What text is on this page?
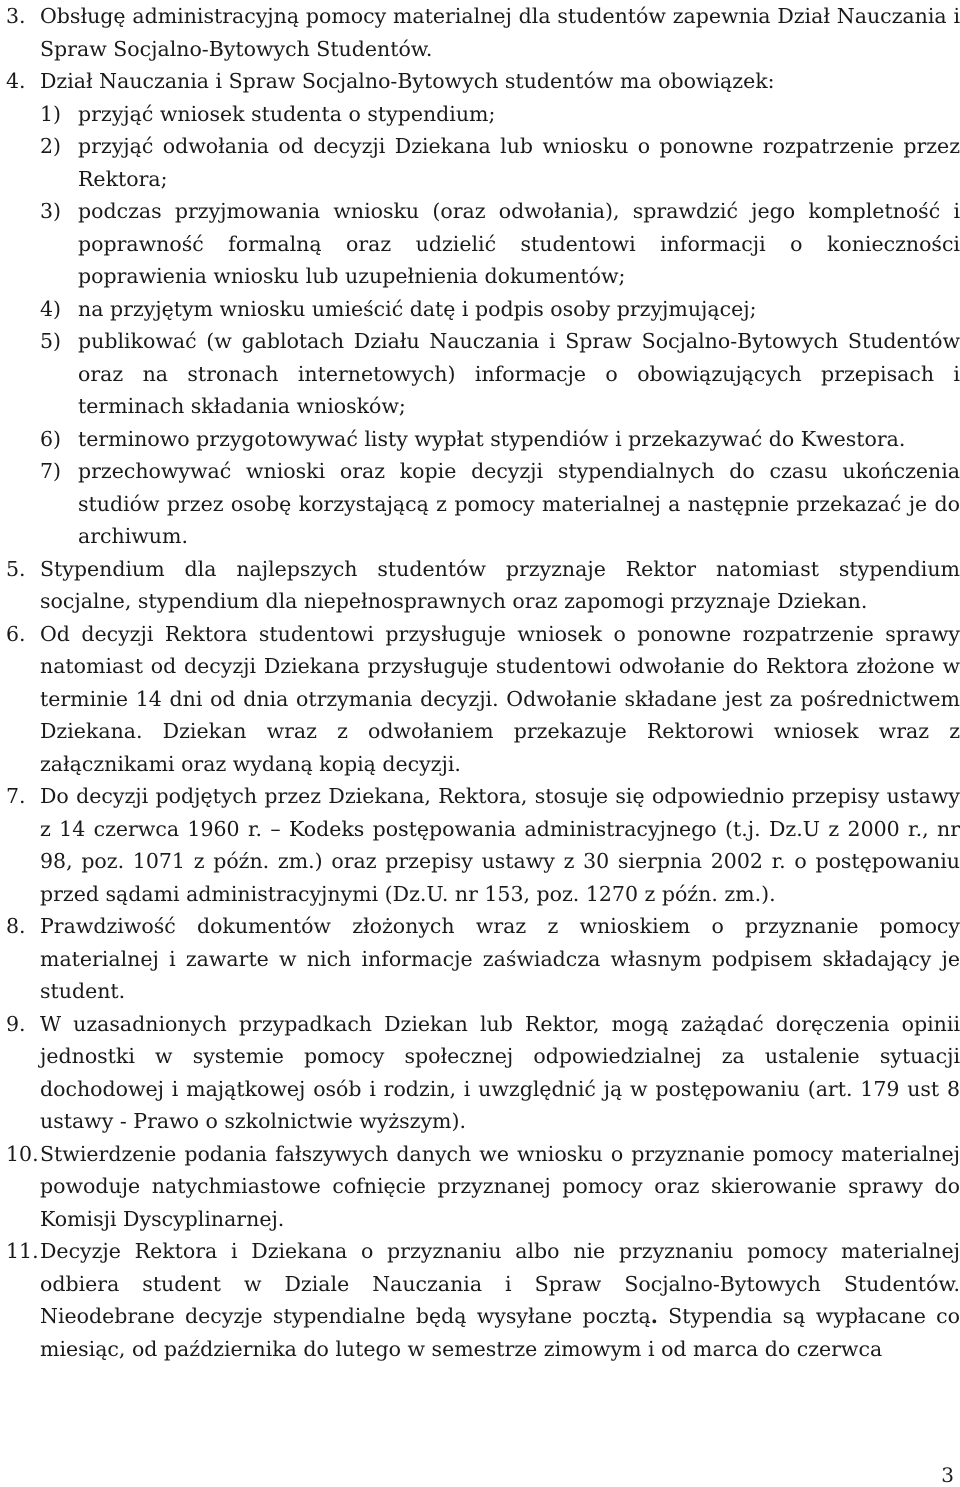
3. Obsługę administracyjną pomocy materialnej dla studentów zapewnia Dział Nauczania i Spraw Socjalno-Bytowych Studentów.
4. Dział Nauczania i Spraw Socjalno-Bytowych studentów ma obowiązek:
1) przyjąć wniosek studenta o stypendium;
2) przyjąć odwołania od decyzji Dziekana lub wniosku o ponowne rozpatrzenie przez Rektora;
3) podczas przyjmowania wniosku (oraz odwołania), sprawdzić jego kompletność i poprawność formalną oraz udzielić studentowi informacji o konieczności poprawienia wniosku lub uzupełnienia dokumentów;
4) na przyjętym wniosku umieścić datę i podpis osoby przyjmującej;
5) publikować (w gablotach Działu Nauczania i Spraw Socjalno-Bytowych Studentów oraz na stronach internetowych) informacje o obowiązujących przepisach i terminach składania wniosków;
6) terminowo przygotowywać listy wypłat stypendiów i przekazywać do Kwestora.
7) przechowywać wnioski oraz kopie decyzji stypendialnych do czasu ukończenia studiów przez osobę korzystającą z pomocy materialnej a następnie przekazać je do archiwum.
5. Stypendium dla najlepszych studentów przyznaje Rektor natomiast stypendium socjalne, stypendium dla niepełnosprawnych oraz zapomogi przyznaje Dziekan.
6. Od decyzji Rektora studentowi przysługuje wniosek o ponowne rozpatrzenie sprawy natomiast od decyzji Dziekana przysługuje studentowi odwołanie do Rektora złożone w terminie 14 dni od dnia otrzymania decyzji. Odwołanie składane jest za pośrednictwem Dziekana. Dziekan wraz z odwołaniem przekazuje Rektorowi wniosek wraz z załącznikami oraz wydaną kopią decyzji.
7. Do decyzji podjętych przez Dziekana, Rektora, stosuje się odpowiednio przepisy ustawy z 14 czerwca 1960 r. – Kodeks postępowania administracyjnego (t.j. Dz.U z 2000 r., nr 98, poz. 1071 z późn. zm.) oraz przepisy ustawy z 30 sierpnia 2002 r. o postępowaniu przed sądami administracyjnymi (Dz.U. nr 153, poz. 1270 z późn. zm.).
8. Prawdziwość dokumentów złożonych wraz z wnioskiem o przyznanie pomocy materialnej i zawarte w nich informacje zaświadcza własnym podpisem składający je student.
9. W uzasadnionych przypadkach Dziekan lub Rektor, mogą zażądać doręczenia opinii jednostki w systemie pomocy społecznej odpowiedzialnej za ustalenie sytuacji dochodowej i majątkowej osób i rodzin, i uwzględnić ją w postępowaniu (art. 179 ust 8 ustawy - Prawo o szkolnictwie wyższym).
10. Stwierdzenie podania fałszywych danych we wniosku o przyznanie pomocy materialnej powoduje natychmiastowe cofnięcie przyznanej pomocy oraz skierowanie sprawy do Komisji Dyscyplinarnej.
11. Decyzje Rektora i Dziekana o przyznaniu albo nie przyznaniu pomocy materialnej odbiera student w Dziale Nauczania i Spraw Socjalno-Bytowych Studentów. Nieodebrane decyzje stypendialne będą wysyłane pocztą. Stypendia są wypłacane co miesiąc, od października do lutego w semestrze zimowym i od marca do czerwca
3
